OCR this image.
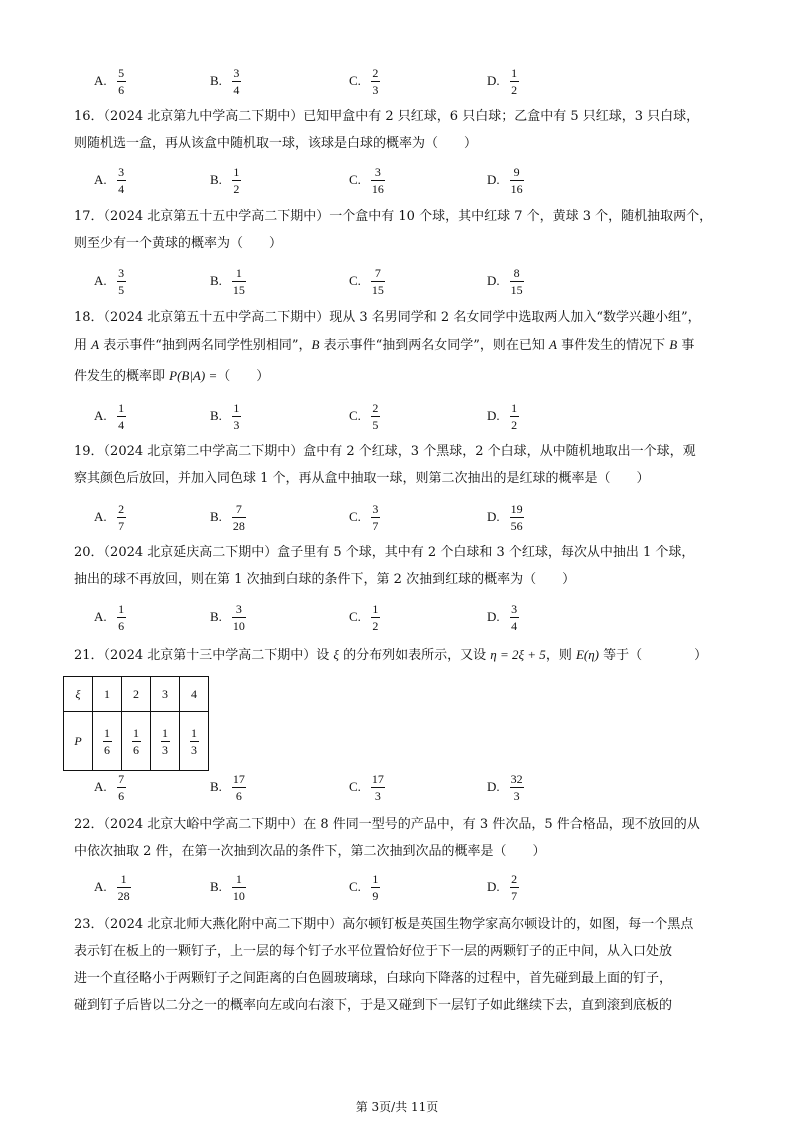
A. $\frac{5}{6}$	B. $\frac{3}{4}$	C. $\frac{2}{3}$	D. $\frac{1}{2}$
16．（2024 北京第九中学高二下期中）已知甲盒中有 2 只红球，6 只白球；乙盒中有 5 只红球，3 只白球，
则随机选一盒，再从该盒中随机取一球，该球是白球的概率为（　　）
A. $\frac{3}{4}$	B. $\frac{1}{2}$	C. $\frac{3}{16}$	D. $\frac{9}{16}$
17．（2024 北京第五十五中学高二下期中）一个盒中有 10 个球，其中红球 7 个，黄球 3 个，随机抽取两个，
则至少有一个黄球的概率为（　　）
A. $\frac{3}{5}$	B. $\frac{1}{15}$	C. $\frac{7}{15}$	D. $\frac{8}{15}$
18．（2024 北京第五十五中学高二下期中）现从 3 名男同学和 2 名女同学中选取两人加入“数学兴趣小组”，
用 A 表示事件“抽到两名同学性别相同”，B 表示事件“抽到两名女同学”，则在已知 A 事件发生的情况下 B 事
件发生的概率即 P(B|A) =（　　）
A. $\frac{1}{4}$	B. $\frac{1}{3}$	C. $\frac{2}{5}$	D. $\frac{1}{2}$
19．（2024 北京第二中学高二下期中）盒中有 2 个红球，3 个黑球，2 个白球，从中随机地取出一个球，观
察其颜色后放回，并加入同色球 1 个，再从盒中抽取一球，则第二次抽出的是红球的概率是（　　）
A. $\frac{2}{7}$	B. $\frac{7}{28}$	C. $\frac{3}{7}$	D. $\frac{19}{56}$
20．（2024 北京延庆高二下期中）盒子里有 5 个球，其中有 2 个白球和 3 个红球，每次从中抽出 1 个球，
抽出的球不再放回，则在第 1 次抽到白球的条件下，第 2 次抽到红球的概率为（　　）
A. $\frac{1}{6}$	B. $\frac{3}{10}$	C. $\frac{1}{2}$	D. $\frac{3}{4}$
21．（2024 北京第十三中学高二下期中）设 ξ 的分布列如表所示，又设 η = 2ξ + 5，则 E(η) 等于（　　　　）
ξ	1	2	3	4
P	$\frac{1}{6}$	$\frac{1}{6}$	$\frac{1}{3}$	$\frac{1}{3}$
A. $\frac{7}{6}$	B. $\frac{17}{6}$	C. $\frac{17}{3}$	D. $\frac{32}{3}$
22．（2024 北京大峪中学高二下期中）在 8 件同一型号的产品中，有 3 件次品，5 件合格品，现不放回的从
中依次抽取 2 件，在第一次抽到次品的条件下，第二次抽到次品的概率是（　　）
A. $\frac{1}{28}$	B. $\frac{1}{10}$	C. $\frac{1}{9}$	D. $\frac{2}{7}$
23．（2024 北京北师大燕化附中高二下期中）高尔顿钉板是英国生物学家高尔顿设计的，如图，每一个黑点
表示钉在板上的一颗钉子，上一层的每个钉子水平位置恰好位于下一层的两颗钉子的正中间，从入口处放
进一个直径略小于两颗钉子之间距离的白色圆玻璃球，白球向下降落的过程中，首先碰到最上面的钉子，
碰到钉子后皆以二分之一的概率向左或向右滚下，于是又碰到下一层钉子如此继续下去，直到滚到底板的
第 3页/共 11页
